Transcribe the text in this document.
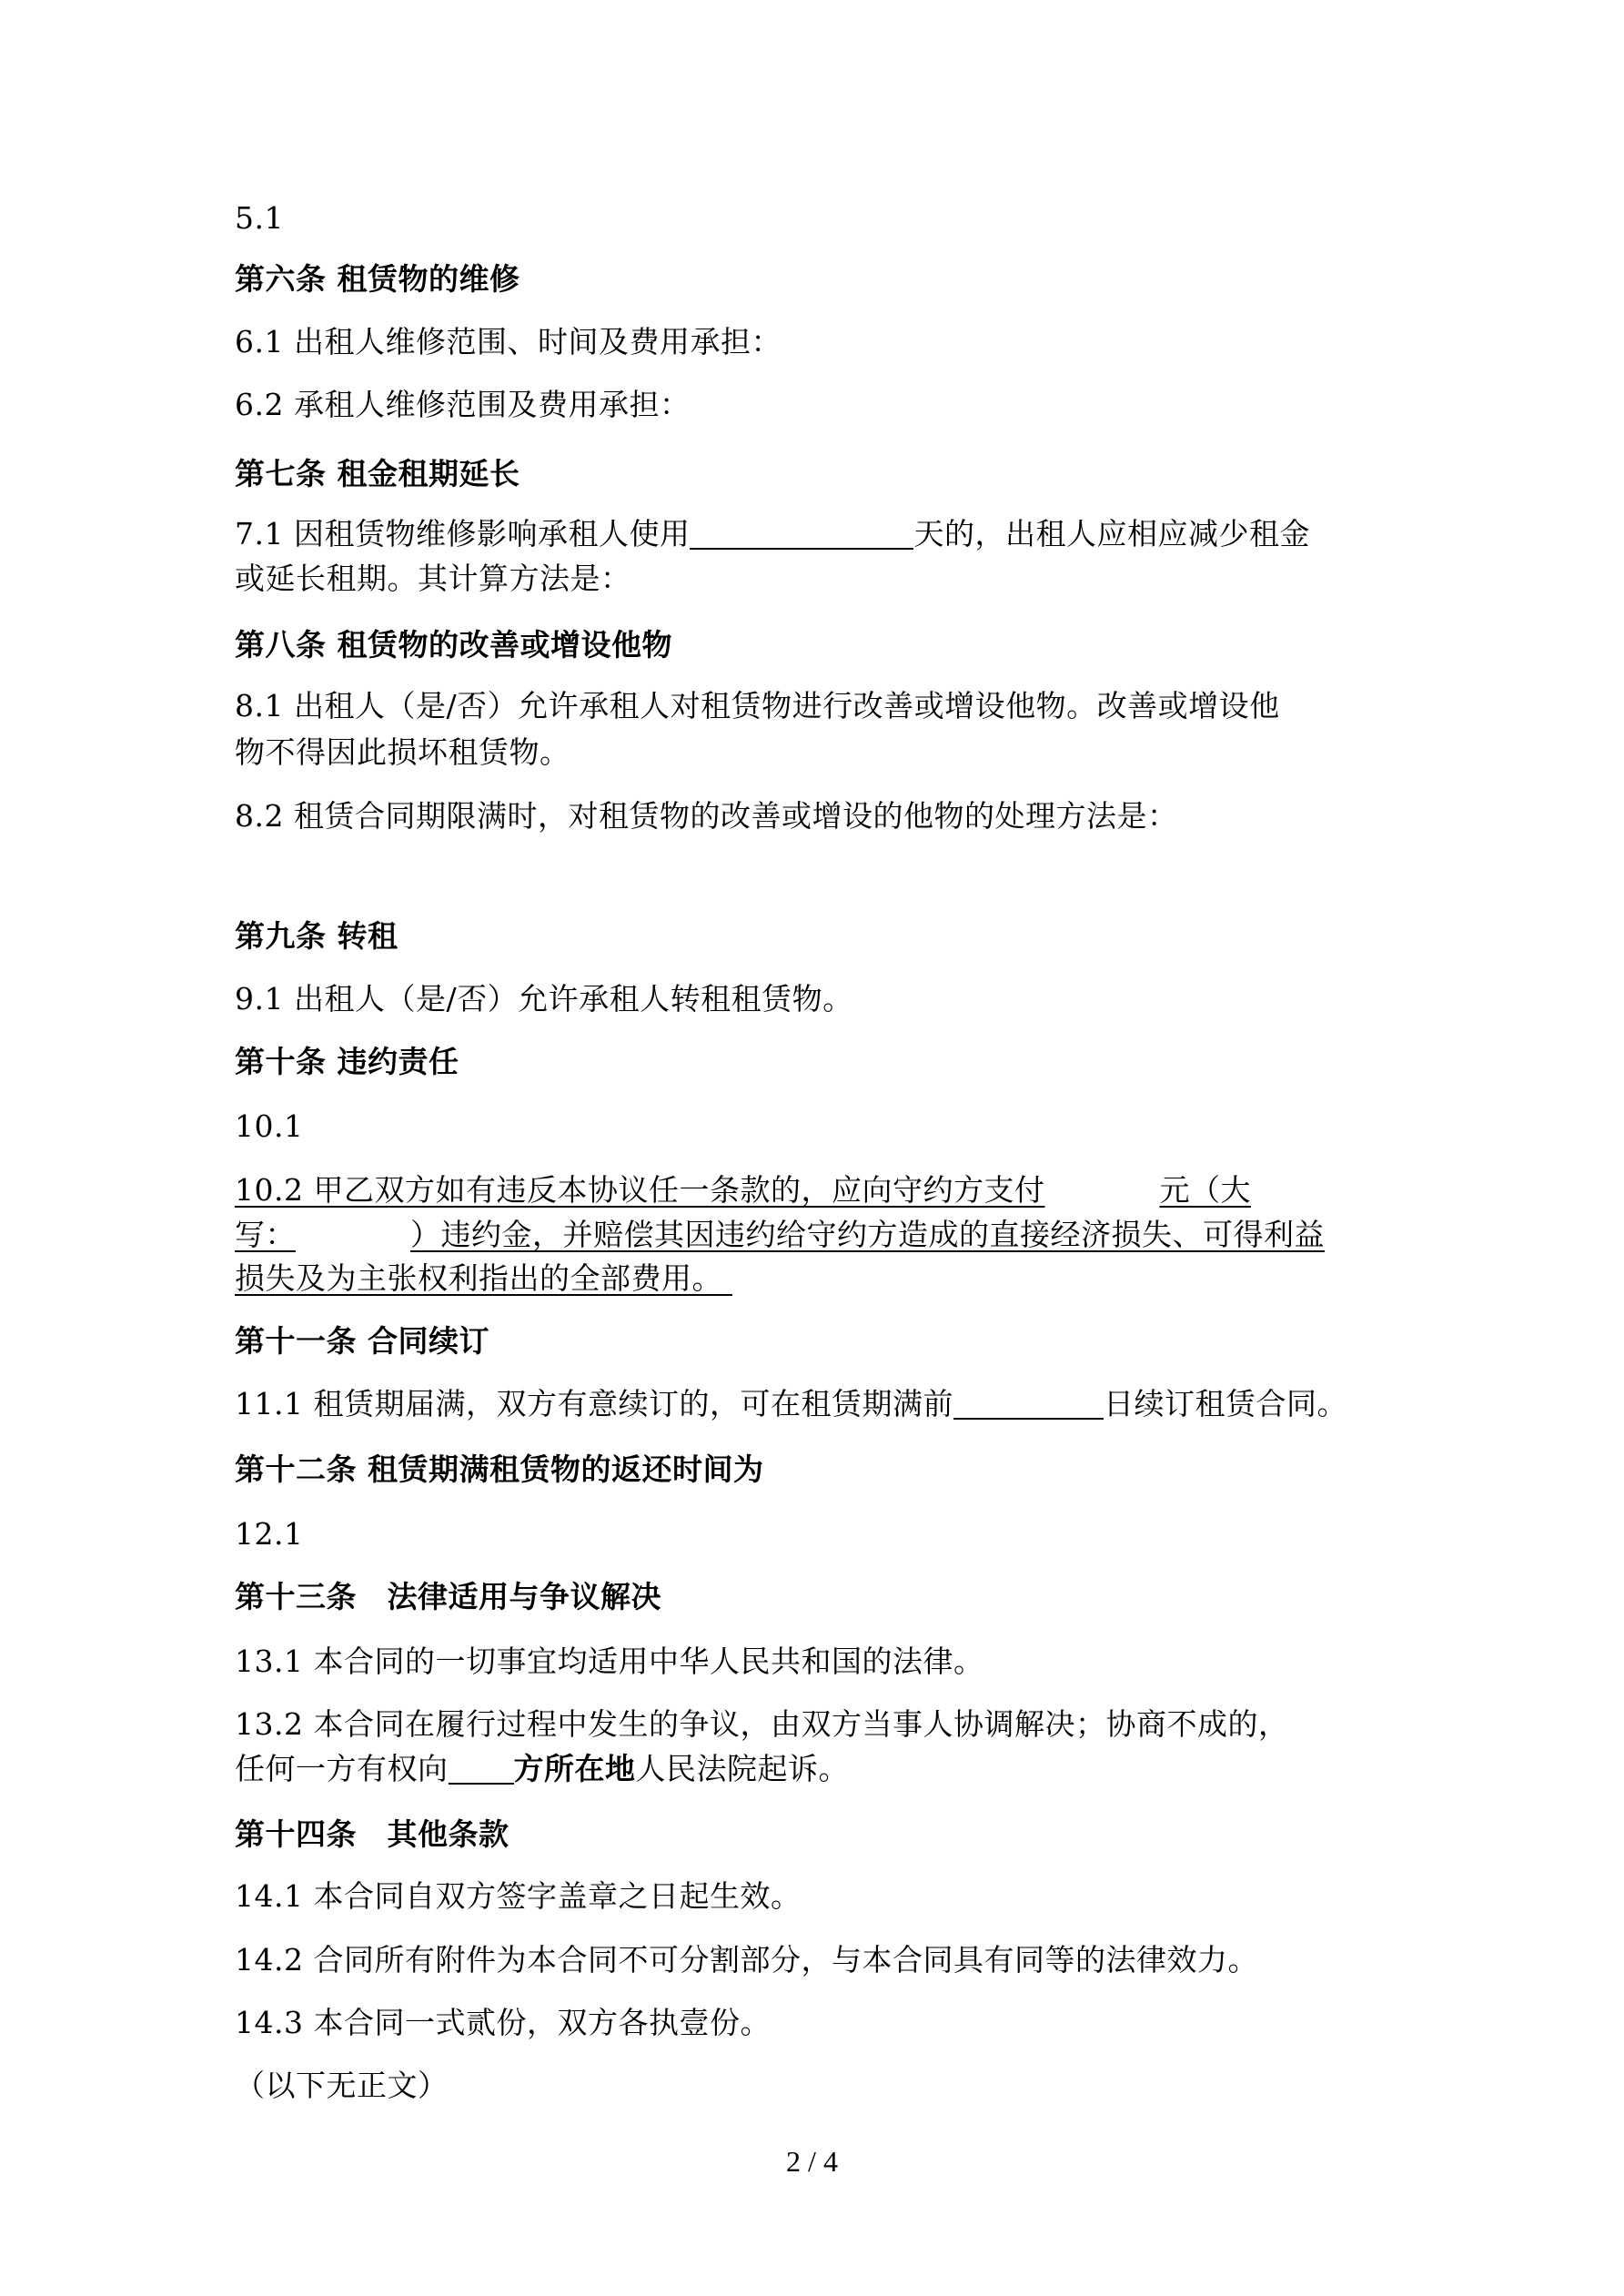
5.1
第六条 租赁物的维修
6.1 出租人维修范围、时间及费用承担：
6.2 承租人维修范围及费用承担：
第七条 租金租期延长
7.1 因租赁物维修影响承租人使用	天的，出租人应相应减少租金
或延长租期。其计算方法是：
第八条 租赁物的改善或增设他物
8.1 出租人（是/否）允许承租人对租赁物进行改善或增设他物。改善或增设他
物不得因此损坏租赁物。
8.2 租赁合同期限满时，对租赁物的改善或增设的他物的处理方法是：
第九条 转租
9.1 出租人（是/否）允许承租人转租租赁物。
第十条 违约责任
10.1
10.2 甲乙双方如有违反本协议任一条款的，应向守约方支付	元（大
写：	）违约金，并赔偿其因违约给守约方造成的直接经济损失、可得利益
损失及为主张权利指出的全部费用。
第十一条 合同续订
11.1 租赁期届满，双方有意续订的，可在租赁期满前	日续订租赁合同。
第十二条 租赁期满租赁物的返还时间为
12.1
第十三条　法律适用与争议解决
13.1 本合同的一切事宜均适用中华人民共和国的法律。
13.2 本合同在履行过程中发生的争议，由双方当事人协调解决；协商不成的，
任何一方有权向 方所在地人民法院起诉。
第十四条　其他条款
14.1 本合同自双方签字盖章之日起生效。
14.2 合同所有附件为本合同不可分割部分，与本合同具有同等的法律效力。
14.3 本合同一式贰份，双方各执壹份。
（以下无正文）
2 / 4
